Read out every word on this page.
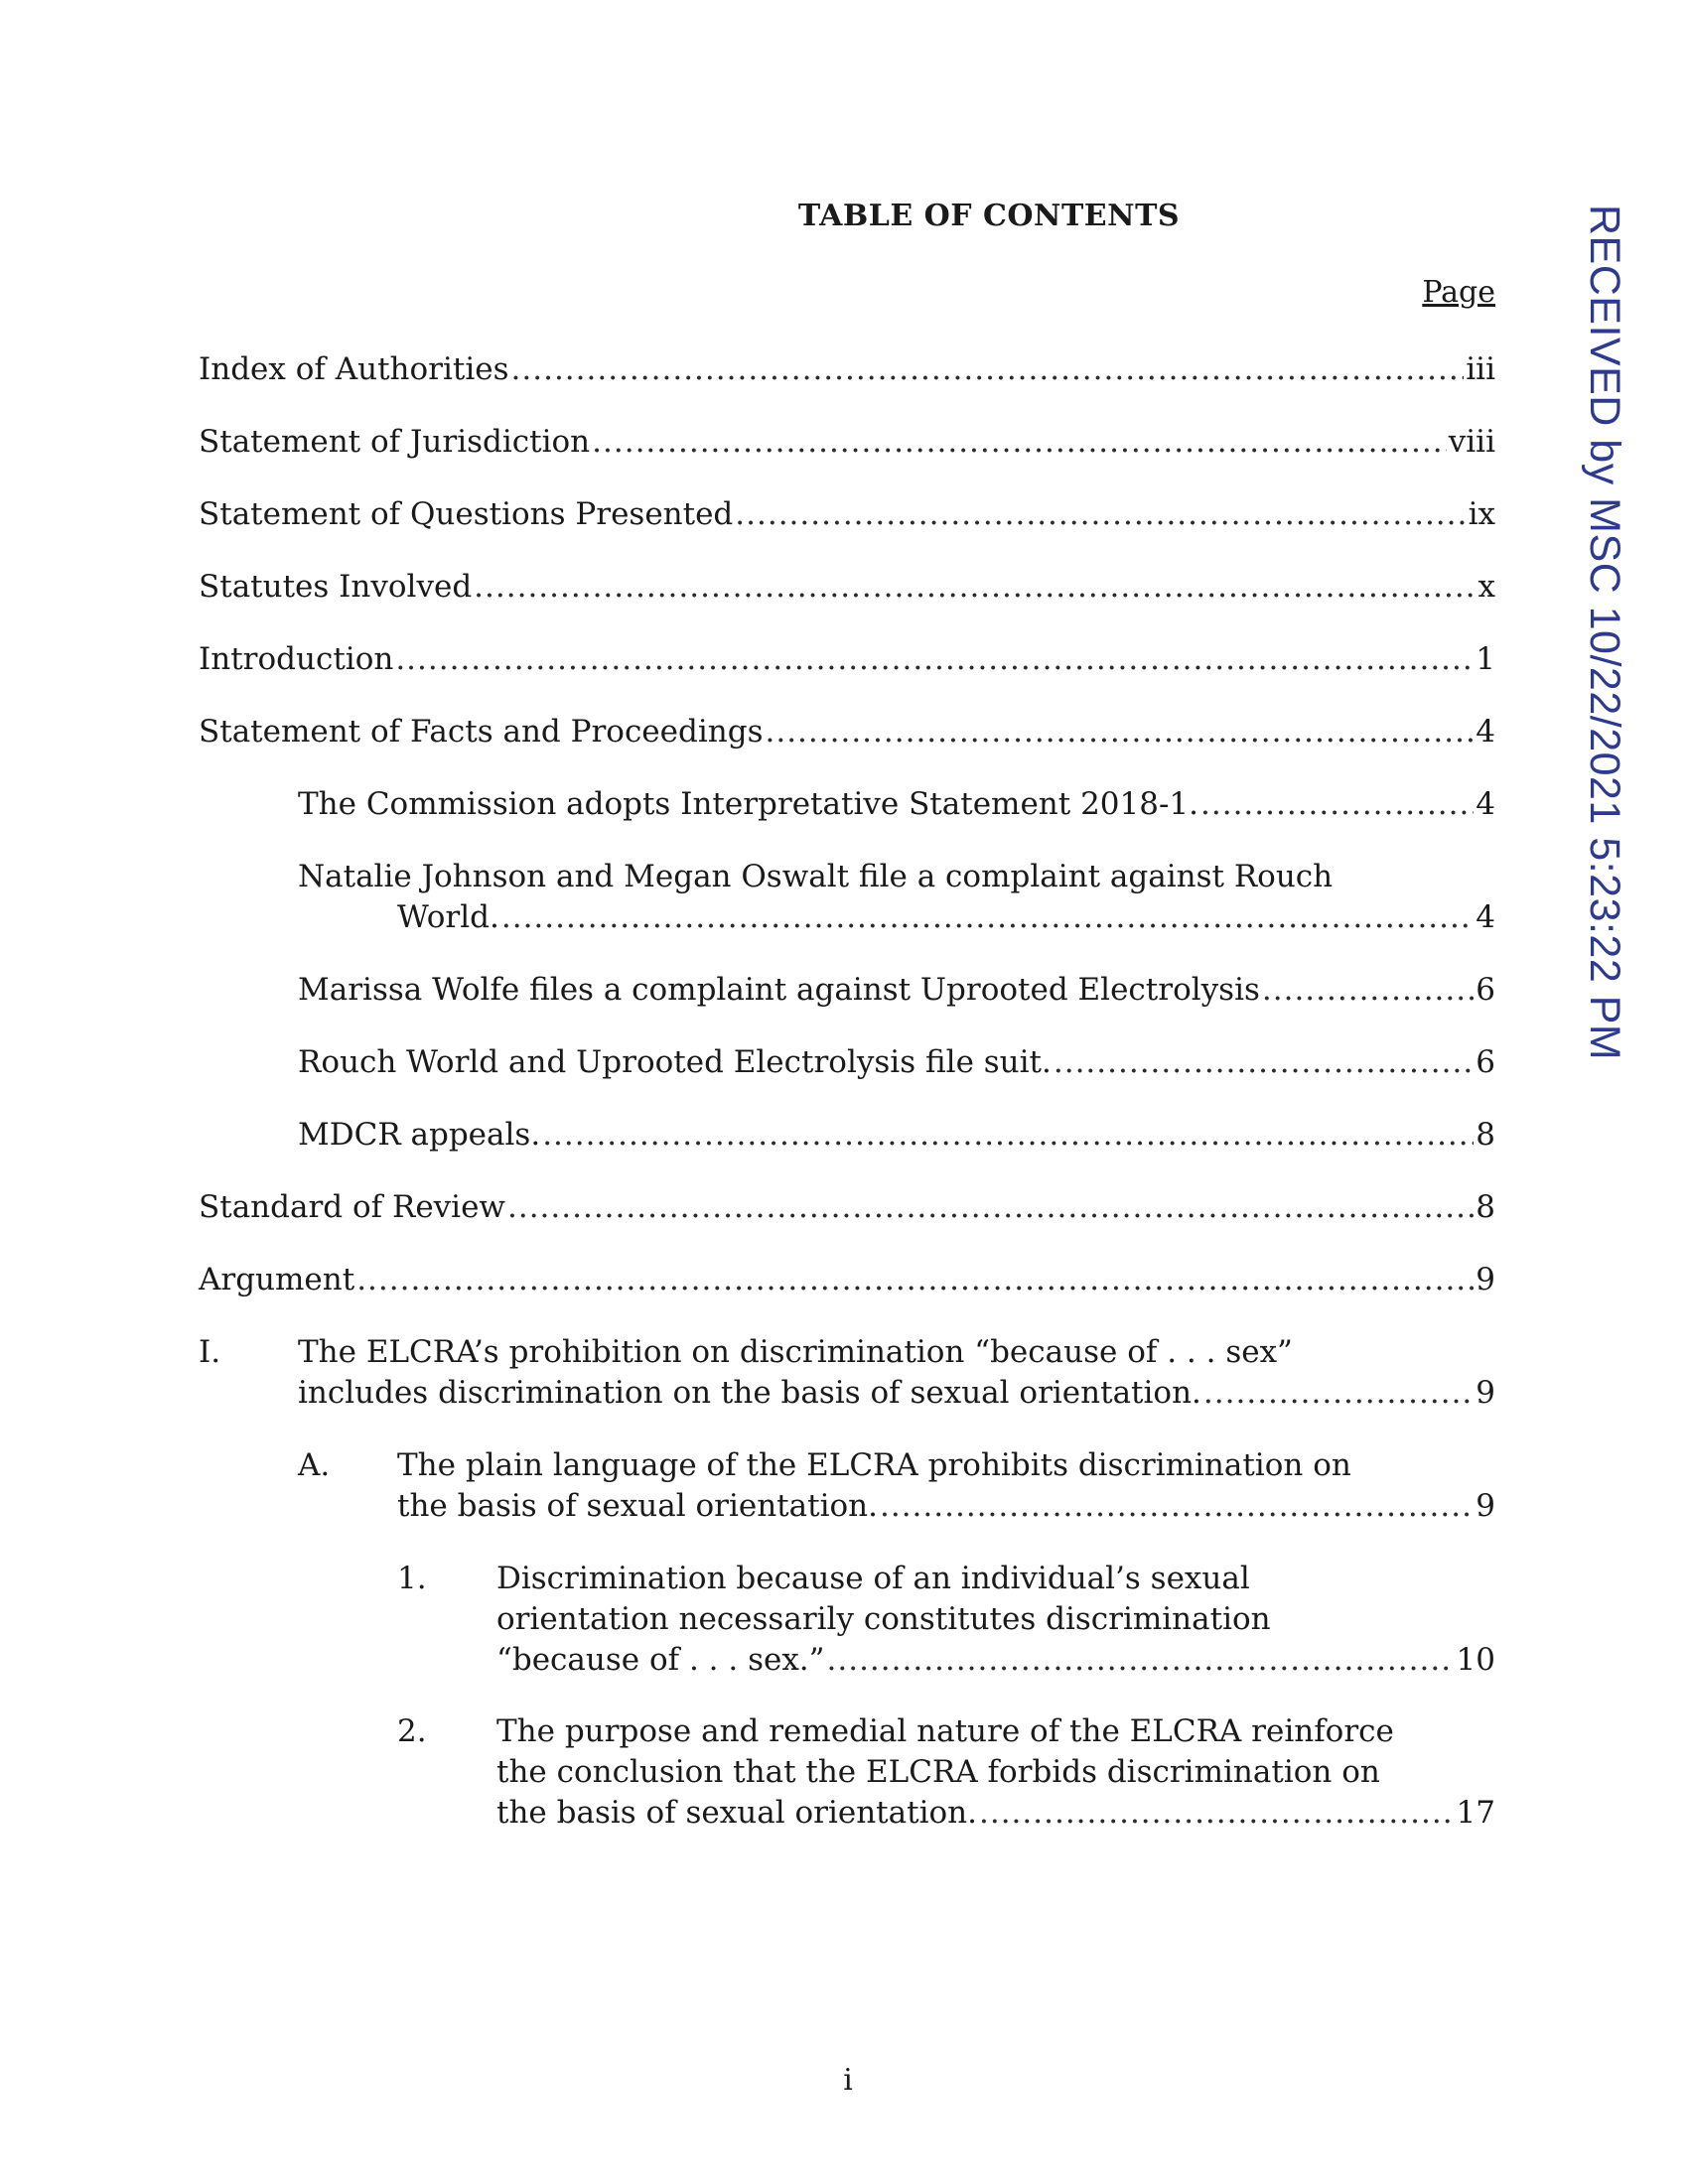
TABLE OF CONTENTS
Page
Index of Authorities .....	iii
Statement of Jurisdiction .....	viii
Statement of Questions Presented .....	ix
Statutes Involved .....	x
Introduction .....	1
Statement of Facts and Proceedings .....	4
The Commission adopts Interpretative Statement 2018-1. .....	4
Natalie Johnson and Megan Oswalt file a complaint against Rouch
World. .....	4
Marissa Wolfe files a complaint against Uprooted Electrolysis .....	6
Rouch World and Uprooted Electrolysis file suit. .....	6
MDCR appeals. .....	8
Standard of Review .....	8
Argument .....	9
I.	The ELCRA’s prohibition on discrimination “because of . . . sex”
includes discrimination on the basis of sexual orientation. .....	9
A. The plain language of the ELCRA prohibits discrimination on
the basis of sexual orientation. .....	9
1. Discrimination because of an individual’s sexual
orientation necessarily constitutes discrimination
“because of . . . sex.” .....	10
2. The purpose and remedial nature of the ELCRA reinforce
the conclusion that the ELCRA forbids discrimination on
the basis of sexual orientation. .....	17
i
RECEIVED by MSC 10/22/2021 5:23:22 PM
